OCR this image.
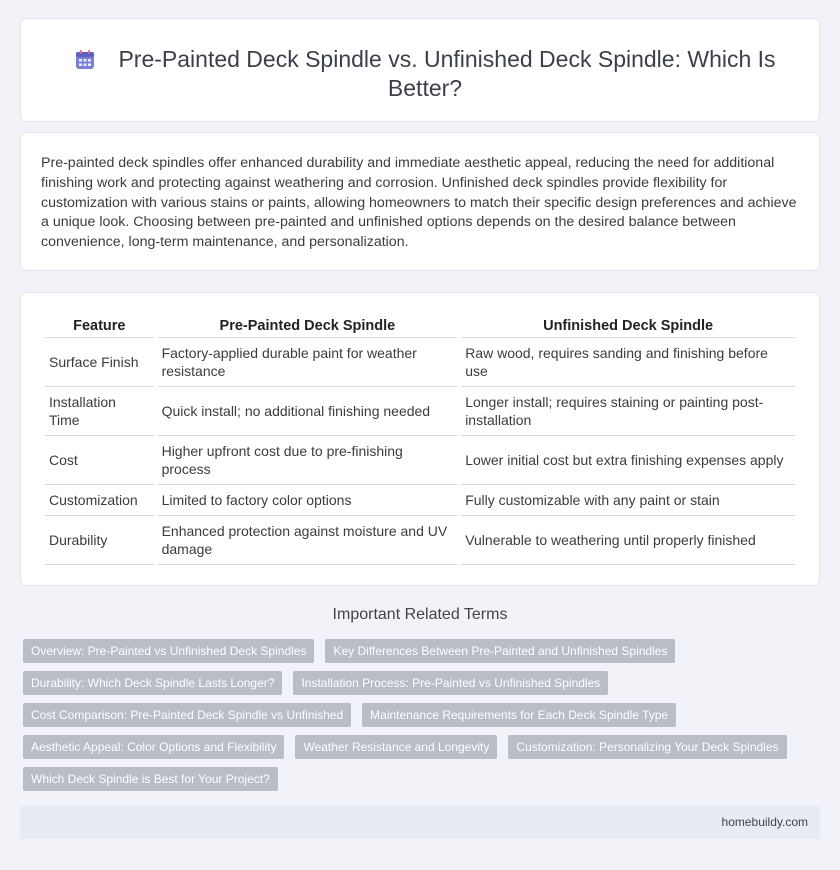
Pre-Painted Deck Spindle vs. Unfinished Deck Spindle: Which Is Better?

Pre-painted deck spindles offer enhanced durability and immediate aesthetic appeal, reducing the need for additional finishing work and protecting against weathering and corrosion. Unfinished deck spindles provide flexibility for customization with various stains or paints, allowing homeowners to match their specific design preferences and achieve a unique look. Choosing between pre-painted and unfinished options depends on the desired balance between convenience, long-term maintenance, and personalization.

Feature	Pre-Painted Deck Spindle	Unfinished Deck Spindle
Surface Finish	Factory-applied durable paint for weather resistance	Raw wood, requires sanding and finishing before use
Installation Time	Quick install; no additional finishing needed	Longer install; requires staining or painting post-installation
Cost	Higher upfront cost due to pre-finishing process	Lower initial cost but extra finishing expenses apply
Customization	Limited to factory color options	Fully customizable with any paint or stain
Durability	Enhanced protection against moisture and UV damage	Vulnerable to weathering until properly finished
Important Related Terms
Overview: Pre-Painted vs Unfinished Deck Spindles Key Differences Between Pre-Painted and Unfinished Spindles
Durability: Which Deck Spindle Lasts Longer? Installation Process: Pre-Painted vs Unfinished Spindles
Cost Comparison: Pre-Painted Deck Spindle vs Unfinished Maintenance Requirements for Each Deck Spindle Type
Aesthetic Appeal: Color Options and Flexibility Weather Resistance and Longevity Customization: Personalizing Your Deck Spindles
Which Deck Spindle is Best for Your Project?
homebuildy.com
